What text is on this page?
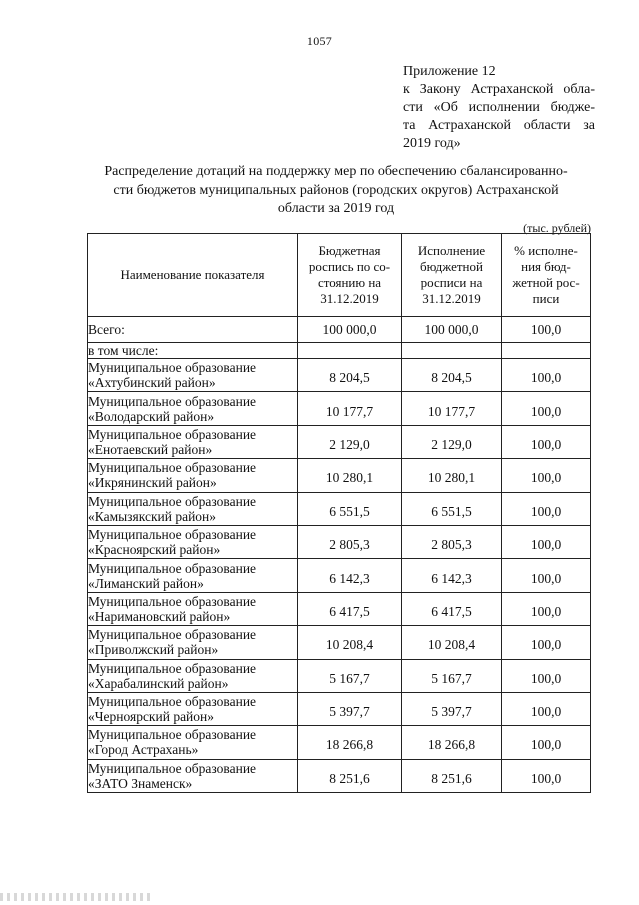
1057
Приложение 12
к Закону Астраханской обла-
сти «Об исполнении бюдже-
та Астраханской области за
2019 год»
Распределение дотаций на поддержку мер по обеспечению сбалансированно-
сти бюджетов муниципальных районов (городских округов) Астраханской
области за 2019 год
(тыс. рублей)
Наименование показателя	Бюджетная
роспись по со-
стоянию на
31.12.2019	Исполнение
бюджетной
росписи на
31.12.2019	% исполне-
ния бюд-
жетной рос-
писи

Всего:	100 000,0	100 000,0	100,0
в том числе:			

Муниципальное образование
«Ахтубинский район»	8 204,5	8 204,5	100,0

Муниципальное образование
«Володарский район»	10 177,7	10 177,7	100,0

Муниципальное образование
«Енотаевский район»	2 129,0	2 129,0	100,0

Муниципальное образование
«Икрянинский район»	10 280,1	10 280,1	100,0

Муниципальное образование
«Камызякский район»	6 551,5	6 551,5	100,0

Муниципальное образование
«Красноярский район»	2 805,3	2 805,3	100,0

Муниципальное образование
«Лиманский район»	6 142,3	6 142,3	100,0

Муниципальное образование
«Наримановский район»	6 417,5	6 417,5	100,0

Муниципальное образование
«Приволжский район»	10 208,4	10 208,4	100,0

Муниципальное образование
«Харабалинский район»	5 167,7	5 167,7	100,0

Муниципальное образование
«Черноярский район»	5 397,7	5 397,7	100,0

Муниципальное образование
«Город Астрахань»	18 266,8	18 266,8	100,0

Муниципальное образование
«ЗАТО Знаменск»	8 251,6	8 251,6	100,0
